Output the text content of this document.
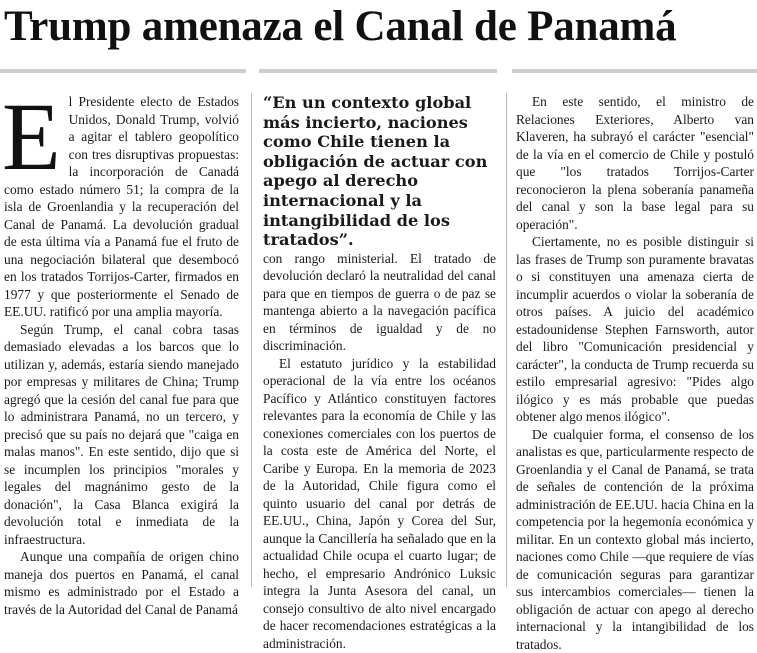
Trump amenaza el Canal de Panamá

El Presidente electo de Estados Unidos, Donald Trump, volvió a agitar el tablero geopolítico con tres disruptivas propuestas: la incorporación de Canadá como estado número 51; la compra de la isla de Groenlandia y la recuperación del Canal de Panamá. La devolución gradual de esta última vía a Panamá fue el fruto de una negociación bilateral que desembocó en los tratados Torrijos-Carter, firmados en 1977 y que posteriormente el Senado de EE.UU. ratificó por una amplia mayoría.

Según Trump, el canal cobra tasas demasiado elevadas a los barcos que lo utilizan y, además, estaría siendo manejado por empresas y militares de China; Trump agregó que la cesión del canal fue para que lo administrara Panamá, no un tercero, y precisó que su país no dejará que "caiga en malas manos". En este sentido, dijo que si se incumplen los principios "morales y legales del magnánimo gesto de la donación", la Casa Blanca exigirá la devolución total e inmediata de la infraestructura.

Aunque una compañía de origen chino maneja dos puertos en Panamá, el canal mismo es administrado por el Estado a través de la Autoridad del Canal de Panamá

“En un contexto global más incierto, naciones como Chile tienen la obligación de actuar con apego al derecho internacional y la intangibilidad de los tratados”.

con rango ministerial. El tratado de devolución declaró la neutralidad del canal para que en tiempos de guerra o de paz se mantenga abierto a la navegación pacífica en términos de igualdad y de no discriminación.

El estatuto jurídico y la estabilidad operacional de la vía entre los océanos Pacífico y Atlántico constituyen factores relevantes para la economía de Chile y las conexiones comerciales con los puertos de la costa este de América del Norte, el Caribe y Europa. En la memoria de 2023 de la Autoridad, Chile figura como el quinto usuario del canal por detrás de EE.UU., China, Japón y Corea del Sur, aunque la Cancillería ha señalado que en la actualidad Chile ocupa el cuarto lugar; de hecho, el empresario Andrónico Luksic integra la Junta Asesora del canal, un consejo consultivo de alto nivel encargado de hacer recomendaciones estratégicas a la administración.

En este sentido, el ministro de Relaciones Exteriores, Alberto van Klaveren, ha subrayó el carácter "esencial" de la vía en el comercio de Chile y postuló que "los tratados Torrijos-Carter reconocieron la plena soberanía panameña del canal y son la base legal para su operación".

Ciertamente, no es posible distinguir si las frases de Trump son puramente bravatas o si constituyen una amenaza cierta de incumplir acuerdos o violar la soberanía de otros países. A juicio del académico estadounidense Stephen Farnsworth, autor del libro "Comunicación presidencial y carácter", la conducta de Trump recuerda su estilo empresarial agresivo: "Pides algo ilógico y es más probable que puedas obtener algo menos ilógico".

De cualquier forma, el consenso de los analistas es que, particularmente respecto de Groenlandia y el Canal de Panamá, se trata de señales de contención de la próxima administración de EE.UU. hacia China en la competencia por la hegemonía económica y militar. En un contexto global más incierto, naciones como Chile —que requiere de vías de comunicación seguras para garantizar sus intercambios comerciales— tienen la obligación de actuar con apego al derecho internacional y la intangibilidad de los tratados.
